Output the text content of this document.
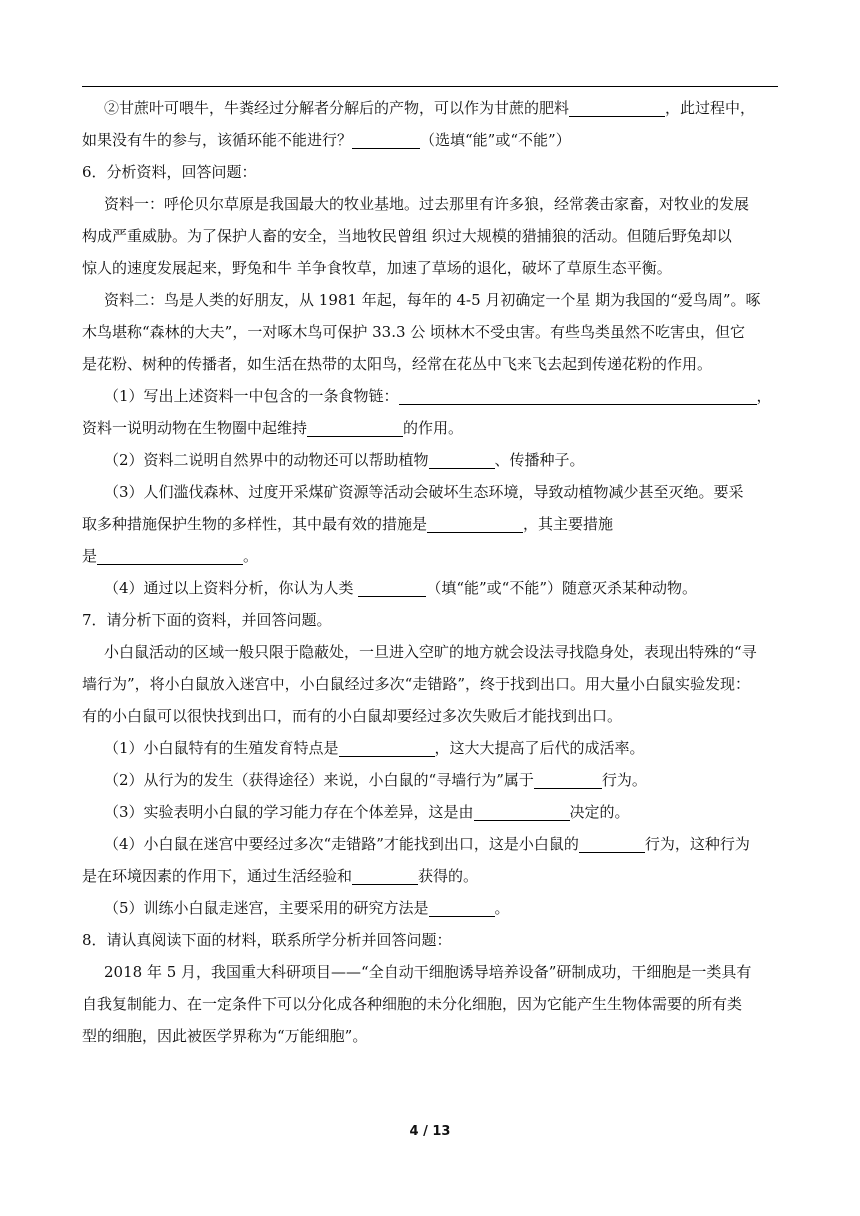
②甘蔗叶可喂牛，牛粪经过分解者分解后的产物，可以作为甘蔗的肥料	，此过程中，
如果没有牛的参与，该循环能不能进行？	（选填“能”或“不能”）
6．分析资料，回答问题：
资料一：呼伦贝尔草原是我国最大的牧业基地。过去那里有许多狼，经常袭击家畜，对牧业的发展
构成严重威胁。为了保护人畜的安全，当地牧民曾组 织过大规模的猎捕狼的活动。但随后野兔却以
惊人的速度发展起来，野兔和牛 羊争食牧草，加速了草场的退化，破坏了草原生态平衡。
资料二：鸟是人类的好朋友，从 1981 年起，每年的 4-5 月初确定一个星 期为我国的“爱鸟周”。啄
木鸟堪称“森林的大夫”，一对啄木鸟可保护 33.3 公 顷林木不受虫害。有些鸟类虽然不吃害虫，但它
是花粉、树种的传播者，如生活在热带的太阳鸟，经常在花丛中飞来飞去起到传递花粉的作用。
（1）写出上述资料一中包含的一条食物链：	，
资料一说明动物在生物圈中起维持	的作用。
（2）资料二说明自然界中的动物还可以帮助植物	、传播种子。
（3）人们滥伐森林、过度开采煤矿资源等活动会破坏生态环境，导致动植物减少甚至灭绝。要采
取多种措施保护生物的多样性，其中最有效的措施是	，其主要措施
是	。
（4）通过以上资料分析，你认为人类	（填“能”或“不能”）随意灭杀某种动物。
7．请分析下面的资料，并回答问题。
小白鼠活动的区域一般只限于隐蔽处，一旦进入空旷的地方就会设法寻找隐身处，表现出特殊的“寻
墙行为”，将小白鼠放入迷宫中，小白鼠经过多次“走错路”，终于找到出口。用大量小白鼠实验发现：
有的小白鼠可以很快找到出口，而有的小白鼠却要经过多次失败后才能找到出口。
（1）小白鼠特有的生殖发育特点是	，这大大提高了后代的成活率。
（2）从行为的发生（获得途径）来说，小白鼠的“寻墙行为”属于	行为。
（3）实验表明小白鼠的学习能力存在个体差异，这是由	决定的。
（4）小白鼠在迷宫中要经过多次“走错路”才能找到出口，这是小白鼠的	行为，这种行为
是在环境因素的作用下，通过生活经验和	获得的。
（5）训练小白鼠走迷宫，主要采用的研究方法是	。
8．请认真阅读下面的材料，联系所学分析并回答问题：
2018 年 5 月，我国重大科研项目——“全自动干细胞诱导培养设备”研制成功，干细胞是一类具有
自我复制能力、在一定条件下可以分化成各种细胞的未分化细胞，因为它能产生生物体需要的所有类
型的细胞，因此被医学界称为“万能细胞”。
4 / 13
